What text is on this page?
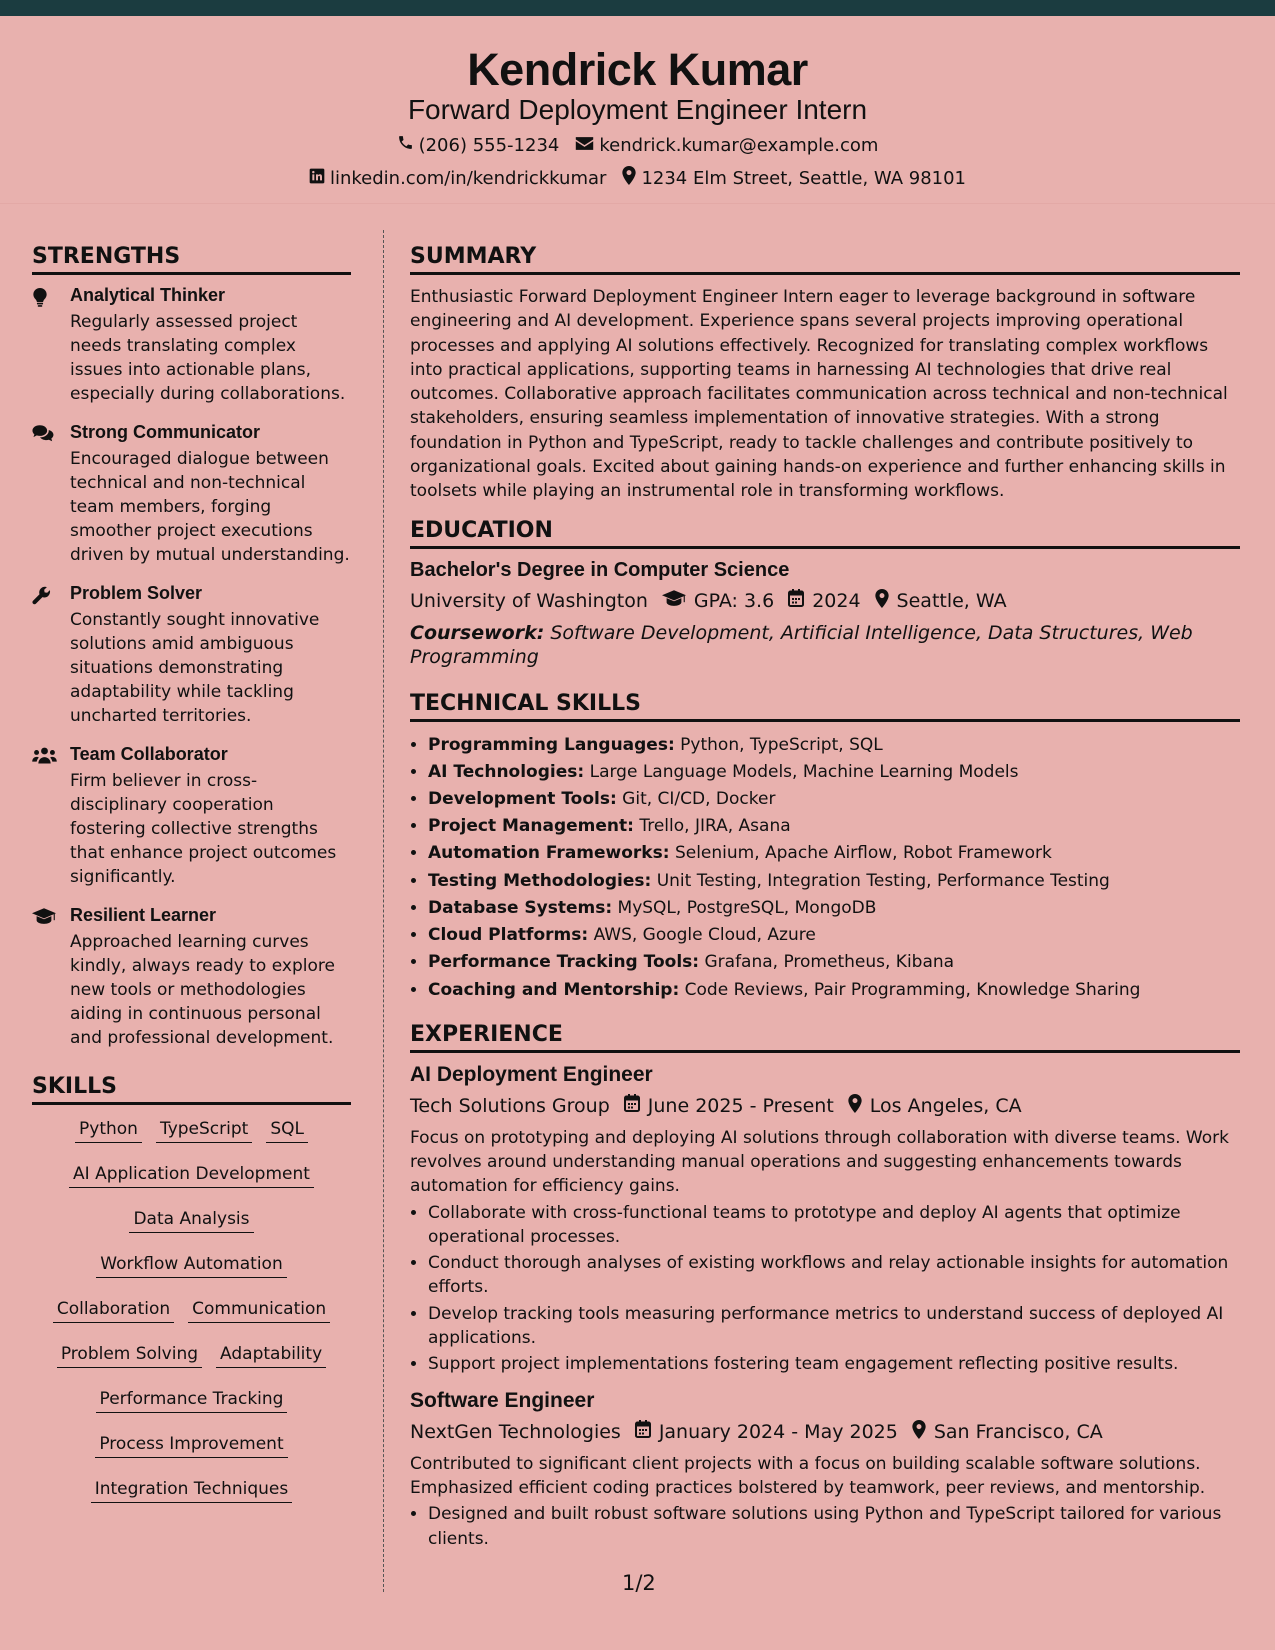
Kendrick Kumar
Forward Deployment Engineer Intern
(206) 555-1234 kendrick.kumar@example.com
linkedin.com/in/kendrickkumar 1234 Elm Street, Seattle, WA 98101
STRENGTHS
Analytical Thinker
Regularly assessed project needs translating complex issues into actionable plans, especially during collaborations.
Strong Communicator
Encouraged dialogue between technical and non-technical team members, forging smoother project executions driven by mutual understanding.
Problem Solver
Constantly sought innovative solutions amid ambiguous situations demonstrating adaptability while tackling uncharted territories.
Team Collaborator
Firm believer in cross-disciplinary cooperation fostering collective strengths that enhance project outcomes significantly.
Resilient Learner
Approached learning curves kindly, always ready to explore new tools or methodologies aiding in continuous personal and professional development.
SKILLS
Python TypeScript SQL
AI Application Development
Data Analysis
Workflow Automation
Collaboration Communication
Problem Solving Adaptability
Performance Tracking
Process Improvement
Integration Techniques
SUMMARY
Enthusiastic Forward Deployment Engineer Intern eager to leverage background in software engineering and AI development. Experience spans several projects improving operational processes and applying AI solutions effectively. Recognized for translating complex workflows into practical applications, supporting teams in harnessing AI technologies that drive real outcomes. Collaborative approach facilitates communication across technical and non-technical stakeholders, ensuring seamless implementation of innovative strategies. With a strong foundation in Python and TypeScript, ready to tackle challenges and contribute positively to organizational goals. Excited about gaining hands-on experience and further enhancing skills in toolsets while playing an instrumental role in transforming workflows.
EDUCATION
Bachelor's Degree in Computer Science
University of Washington GPA: 3.6 2024 Seattle, WA
Coursework: Software Development, Artificial Intelligence, Data Structures, Web Programming
TECHNICAL SKILLS
• Programming Languages: Python, TypeScript, SQL
• AI Technologies: Large Language Models, Machine Learning Models
• Development Tools: Git, CI/CD, Docker
• Project Management: Trello, JIRA, Asana
• Automation Frameworks: Selenium, Apache Airflow, Robot Framework
• Testing Methodologies: Unit Testing, Integration Testing, Performance Testing
• Database Systems: MySQL, PostgreSQL, MongoDB
• Cloud Platforms: AWS, Google Cloud, Azure
• Performance Tracking Tools: Grafana, Prometheus, Kibana
• Coaching and Mentorship: Code Reviews, Pair Programming, Knowledge Sharing
EXPERIENCE
AI Deployment Engineer
Tech Solutions Group June 2025 - Present Los Angeles, CA
Focus on prototyping and deploying AI solutions through collaboration with diverse teams. Work revolves around understanding manual operations and suggesting enhancements towards automation for efficiency gains.
• Collaborate with cross-functional teams to prototype and deploy AI agents that optimize operational processes.
• Conduct thorough analyses of existing workflows and relay actionable insights for automation efforts.
• Develop tracking tools measuring performance metrics to understand success of deployed AI applications.
• Support project implementations fostering team engagement reflecting positive results.
Software Engineer
NextGen Technologies January 2024 - May 2025 San Francisco, CA
Contributed to significant client projects with a focus on building scalable software solutions. Emphasized efficient coding practices bolstered by teamwork, peer reviews, and mentorship.
• Designed and built robust software solutions using Python and TypeScript tailored for various clients.
1/2
